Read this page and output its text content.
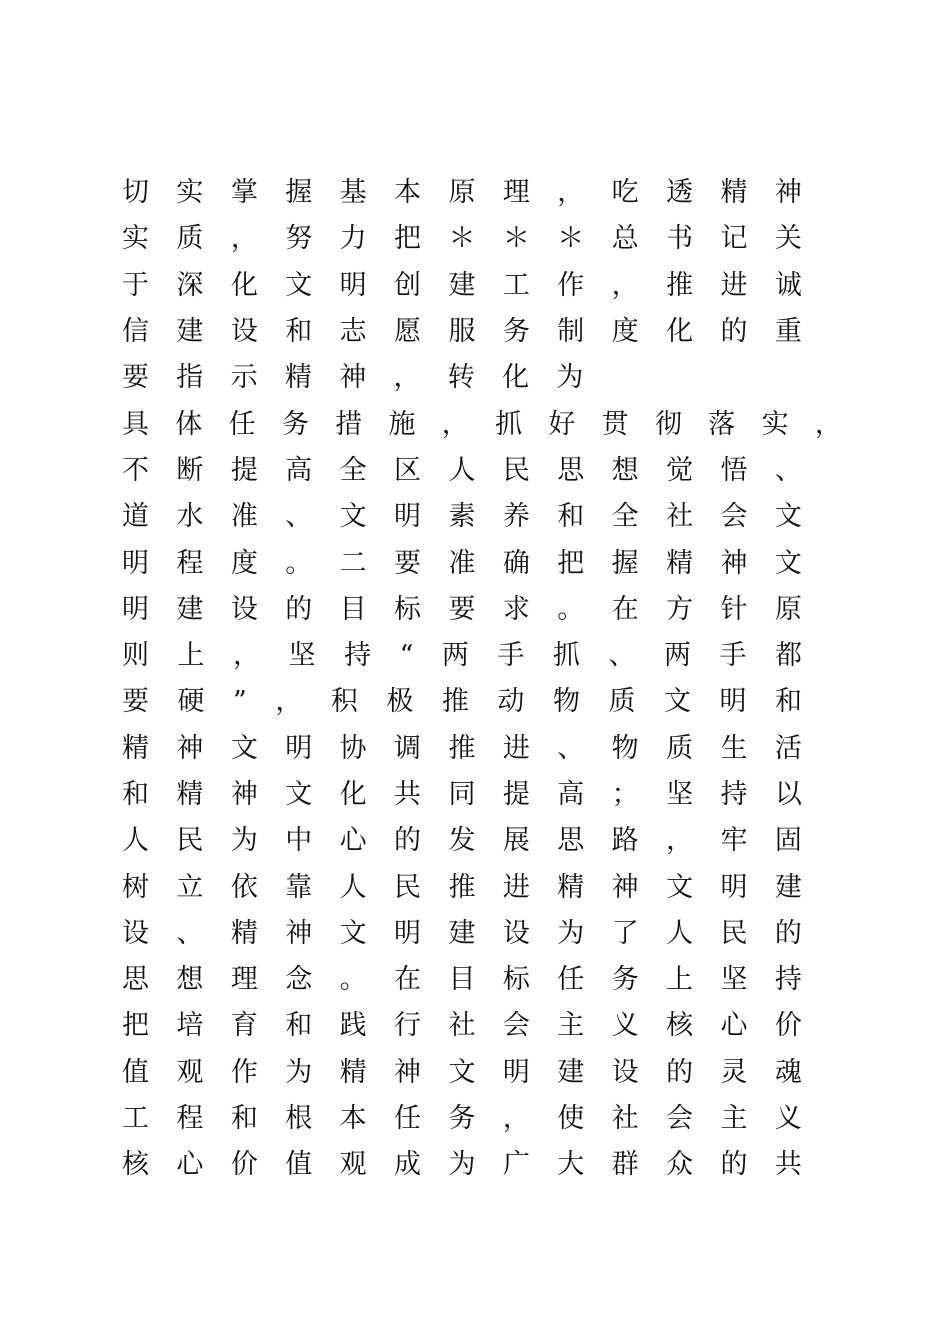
切 实 掌 握 基 本 原 理 ， 吃 透 精 神
实 质 ， 努 力 把 ＊ ＊ ＊ 总 书 记 关
于 深 化 文 明 创 建 工 作 ， 推 进 诚
信 建 设 和 志 愿 服 务 制 度 化 的 重
要	指	示	精	神	，	转	化	为
具 体 任 务 措 施 ， 抓 好 贯 彻 落 实 ，
不 断 提 高 全 区 人 民 思 想 觉 悟 、
道 水 准 、 文 明 素 养 和 全 社 会 文
明 程 度 。 二 要 准 确 把 握 精 神 文
明 建 设 的 目 标 要 求 。 在 方 针 原
则 上 ， 坚 持 “ 两 手 抓 、 两 手 都
要 硬 ” ， 积 极 推 动 物 质 文 明 和
精 神 文 明 协 调 推 进 、 物 质 生 活
和 精 神 文 化 共 同 提 高 ； 坚 持 以
人 民 为 中 心 的 发 展 思 路 ， 牢 固
树 立 依 靠 人 民 推 进 精 神 文 明 建
设 、 精 神 文 明 建 设 为 了 人 民 的
思 想 理 念 。 在 目 标 任 务 上 坚 持
把 培 育 和 践 行 社 会 主 义 核 心 价
值 观 作 为 精 神 文 明 建 设 的 灵 魂
工 程 和 根 本 任 务 ， 使 社 会 主 义
核 心 价 值 观 成 为 广 大 群 众 的 共
